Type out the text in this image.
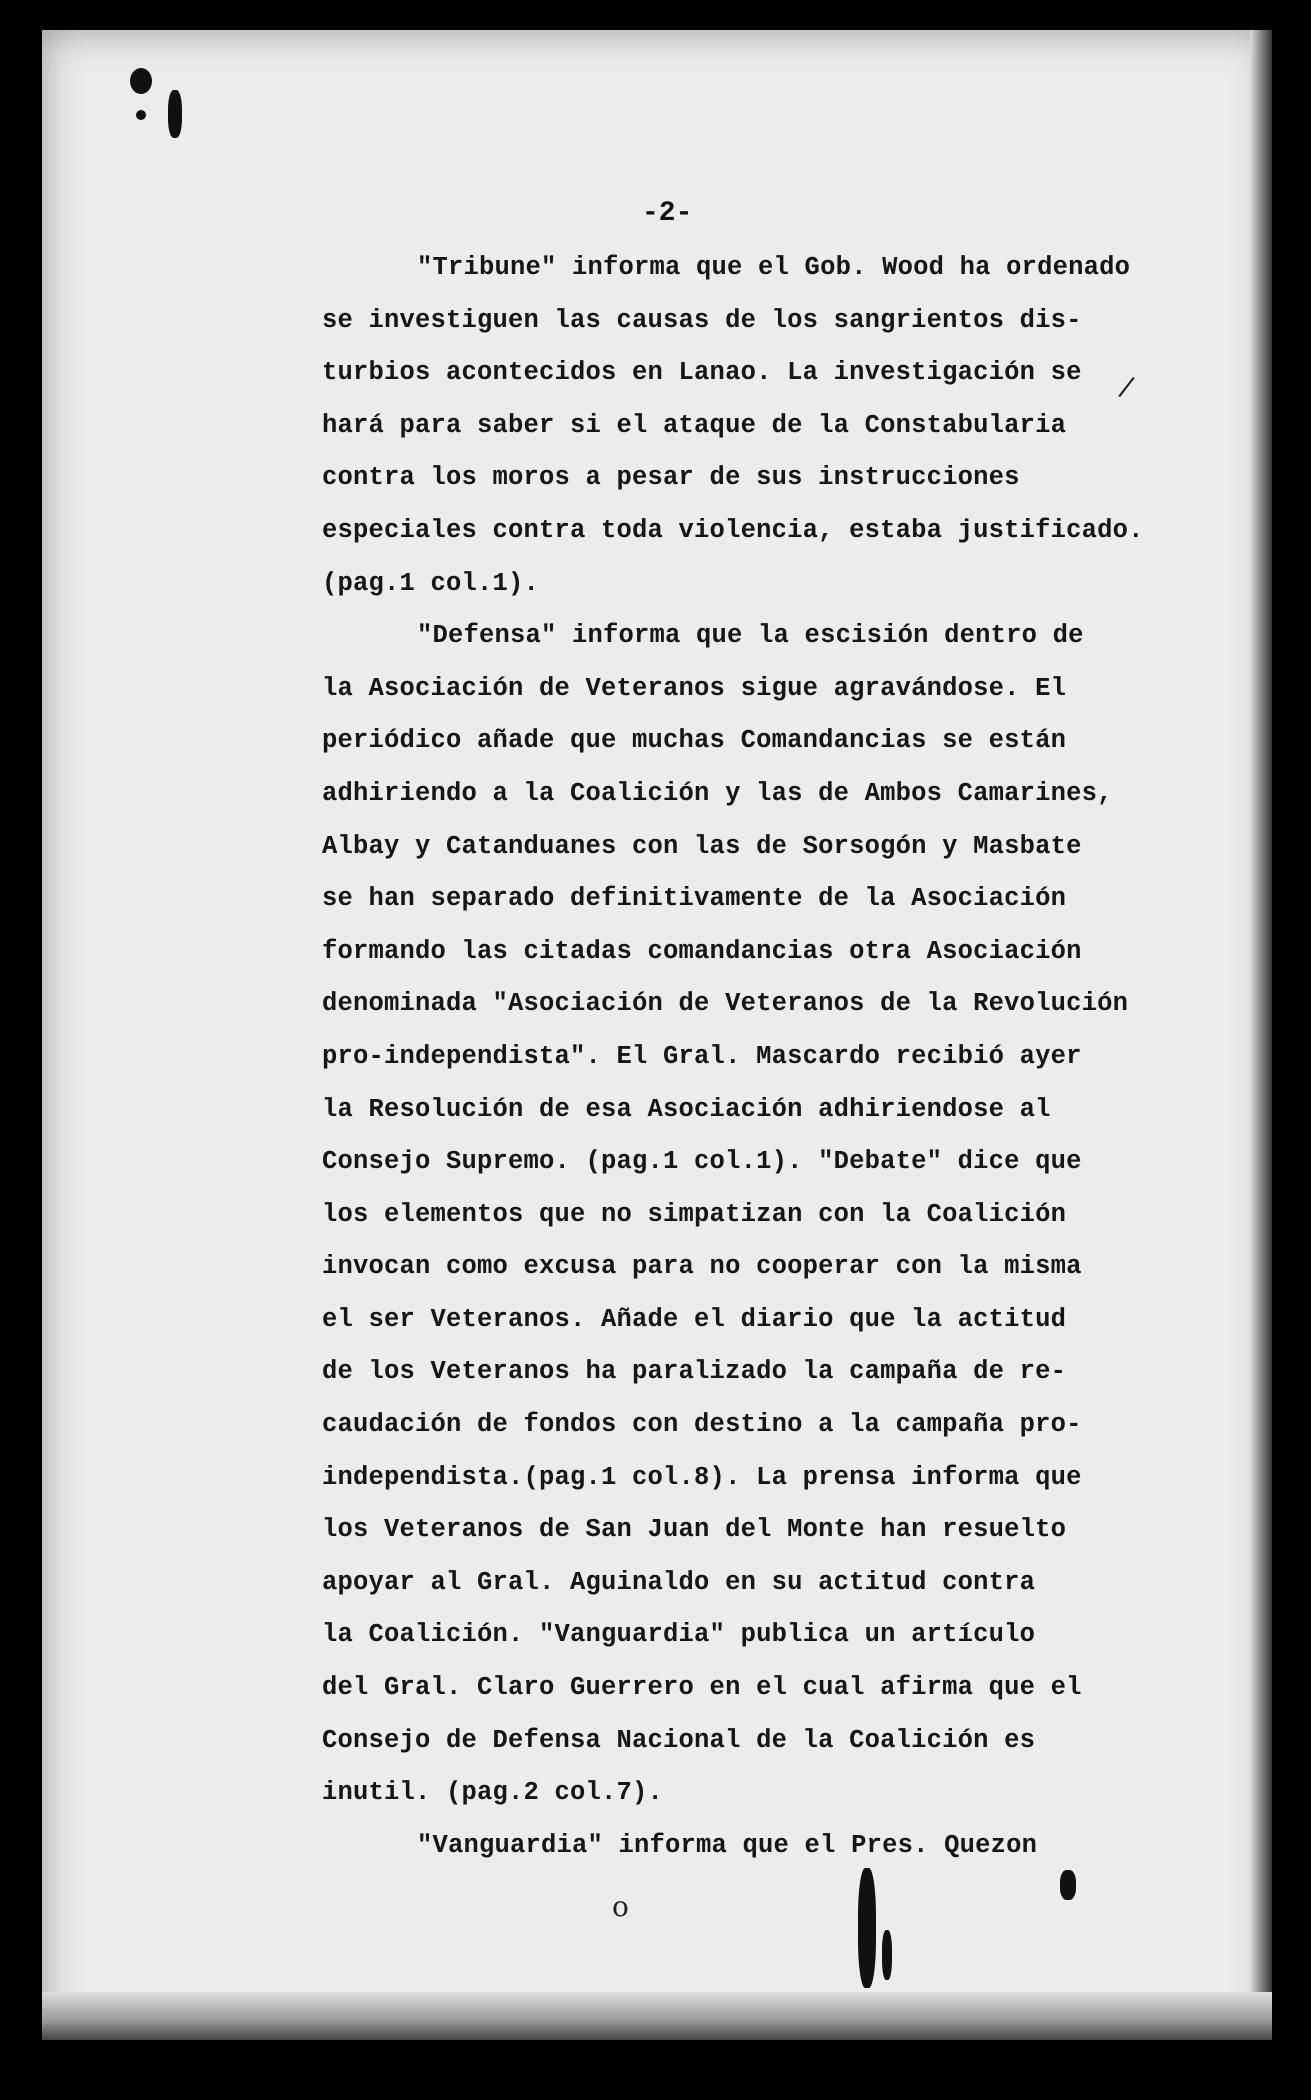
-2-
"Tribune" informa que el Gob. Wood ha ordenado
se investiguen las causas de los sangrientos dis-
turbios acontecidos en Lanao. La investigación se
hará para saber si el ataque de la Constabularia
contra los moros a pesar de sus instrucciones
especiales contra toda violencia, estaba justificado.
(pag.1 col.1).
"Defensa" informa que la escisión dentro de
la Asociación de Veteranos sigue agravándose. El
periódico añade que muchas Comandancias se están
adhiriendo a la Coalición y las de Ambos Camarines,
Albay y Catanduanes con las de Sorsogón y Masbate
se han separado definitivamente de la Asociación
formando las citadas comandancias otra Asociación
denominada "Asociación de Veteranos de la Revolución
pro-independista". El Gral. Mascardo recibió ayer
la Resolución de esa Asociación adhiriendose al
Consejo Supremo. (pag.1 col.1). "Debate" dice que
los elementos que no simpatizan con la Coalición
invocan como excusa para no cooperar con la misma
el ser Veteranos. Añade el diario que la actitud
de los Veteranos ha paralizado la campaña de re-
caudación de fondos con destino a la campaña pro-
independista.(pag.1 col.8). La prensa informa que
los Veteranos de San Juan del Monte han resuelto
apoyar al Gral. Aguinaldo en su actitud contra
la Coalición. "Vanguardia" publica un artículo
del Gral. Claro Guerrero en el cual afirma que el
Consejo de Defensa Nacional de la Coalición es
inutil. (pag.2 col.7).
"Vanguardia" informa que el Pres. Quezon
/
o
